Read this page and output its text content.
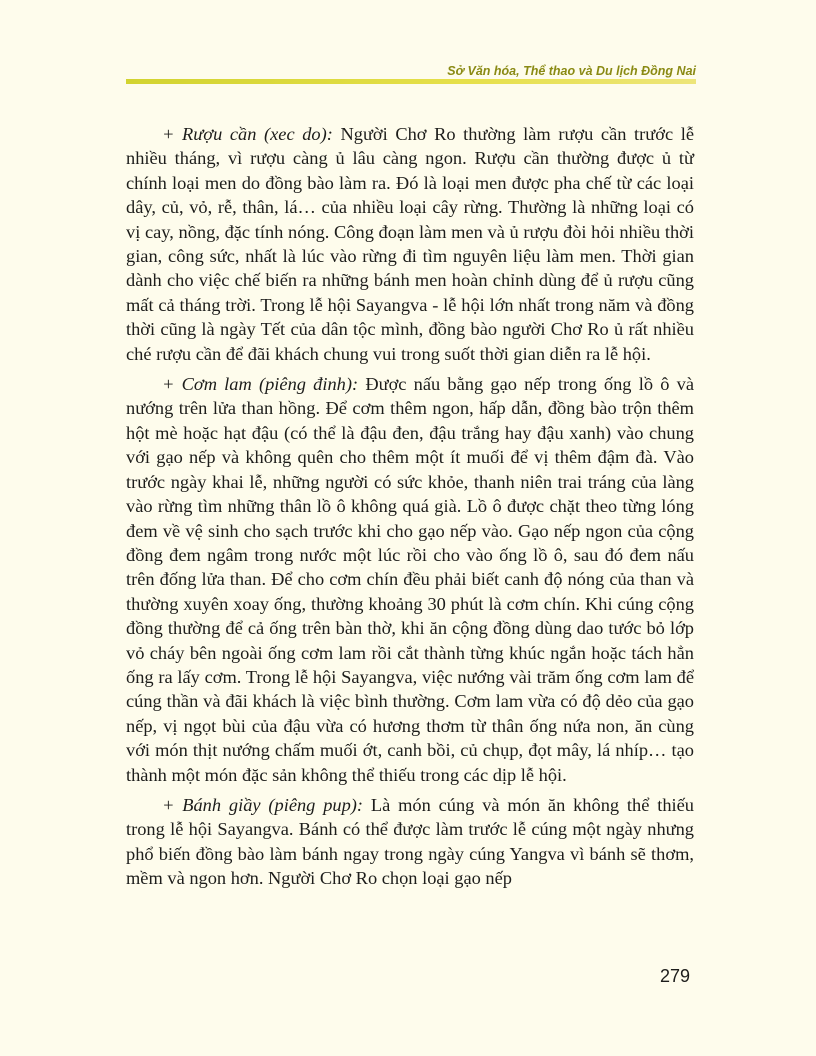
Sở Văn hóa, Thể thao và Du lịch Đồng Nai

+ Rượu cần (xec do): Người Chơ Ro thường làm rượu cần trước lễ nhiều tháng, vì rượu càng ủ lâu càng ngon. Rượu cần thường được ủ từ chính loại men do đồng bào làm ra. Đó là loại men được pha chế từ các loại dây, củ, vỏ, rễ, thân, lá… của nhiều loại cây rừng. Thường là những loại có vị cay, nồng, đặc tính nóng. Công đoạn làm men và ủ rượu đòi hỏi nhiều thời gian, công sức, nhất là lúc vào rừng đi tìm nguyên liệu làm men. Thời gian dành cho việc chế biến ra những bánh men hoàn chỉnh dùng để ủ rượu cũng mất cả tháng trời. Trong lễ hội Sayangva - lễ hội lớn nhất trong năm và đồng thời cũng là ngày Tết của dân tộc mình, đồng bào người Chơ Ro ủ rất nhiều ché rượu cần để đãi khách chung vui trong suốt thời gian diễn ra lễ hội.

+ Cơm lam (piêng đinh): Được nấu bằng gạo nếp trong ống lồ ô và nướng trên lửa than hồng. Để cơm thêm ngon, hấp dẫn, đồng bào trộn thêm hột mè hoặc hạt đậu (có thể là đậu đen, đậu trắng hay đậu xanh) vào chung với gạo nếp và không quên cho thêm một ít muối để vị thêm đậm đà. Vào trước ngày khai lễ, những người có sức khỏe, thanh niên trai tráng của làng vào rừng tìm những thân lồ ô không quá già. Lồ ô được chặt theo từng lóng đem về vệ sinh cho sạch trước khi cho gạo nếp vào. Gạo nếp ngon của cộng đồng đem ngâm trong nước một lúc rồi cho vào ống lồ ô, sau đó đem nấu trên đống lửa than. Để cho cơm chín đều phải biết canh độ nóng của than và thường xuyên xoay ống, thường khoảng 30 phút là cơm chín. Khi cúng cộng đồng thường để cả ống trên bàn thờ, khi ăn cộng đồng dùng dao tước bỏ lớp vỏ cháy bên ngoài ống cơm lam rồi cắt thành từng khúc ngắn hoặc tách hẳn ống ra lấy cơm. Trong lễ hội Sayangva, việc nướng vài trăm ống cơm lam để cúng thần và đãi khách là việc bình thường. Cơm lam vừa có độ dẻo của gạo nếp, vị ngọt bùi của đậu vừa có hương thơm từ thân ống nứa non, ăn cùng với món thịt nướng chấm muối ớt, canh bồi, củ chụp, đọt mây, lá nhíp… tạo thành một món đặc sản không thể thiếu trong các dịp lễ hội.

+ Bánh giầy (piêng pup): Là món cúng và món ăn không thể thiếu trong lễ hội Sayangva. Bánh có thể được làm trước lễ cúng một ngày nhưng phổ biến đồng bào làm bánh ngay trong ngày cúng Yangva vì bánh sẽ thơm, mềm và ngon hơn. Người Chơ Ro chọn loại gạo nếp

279
